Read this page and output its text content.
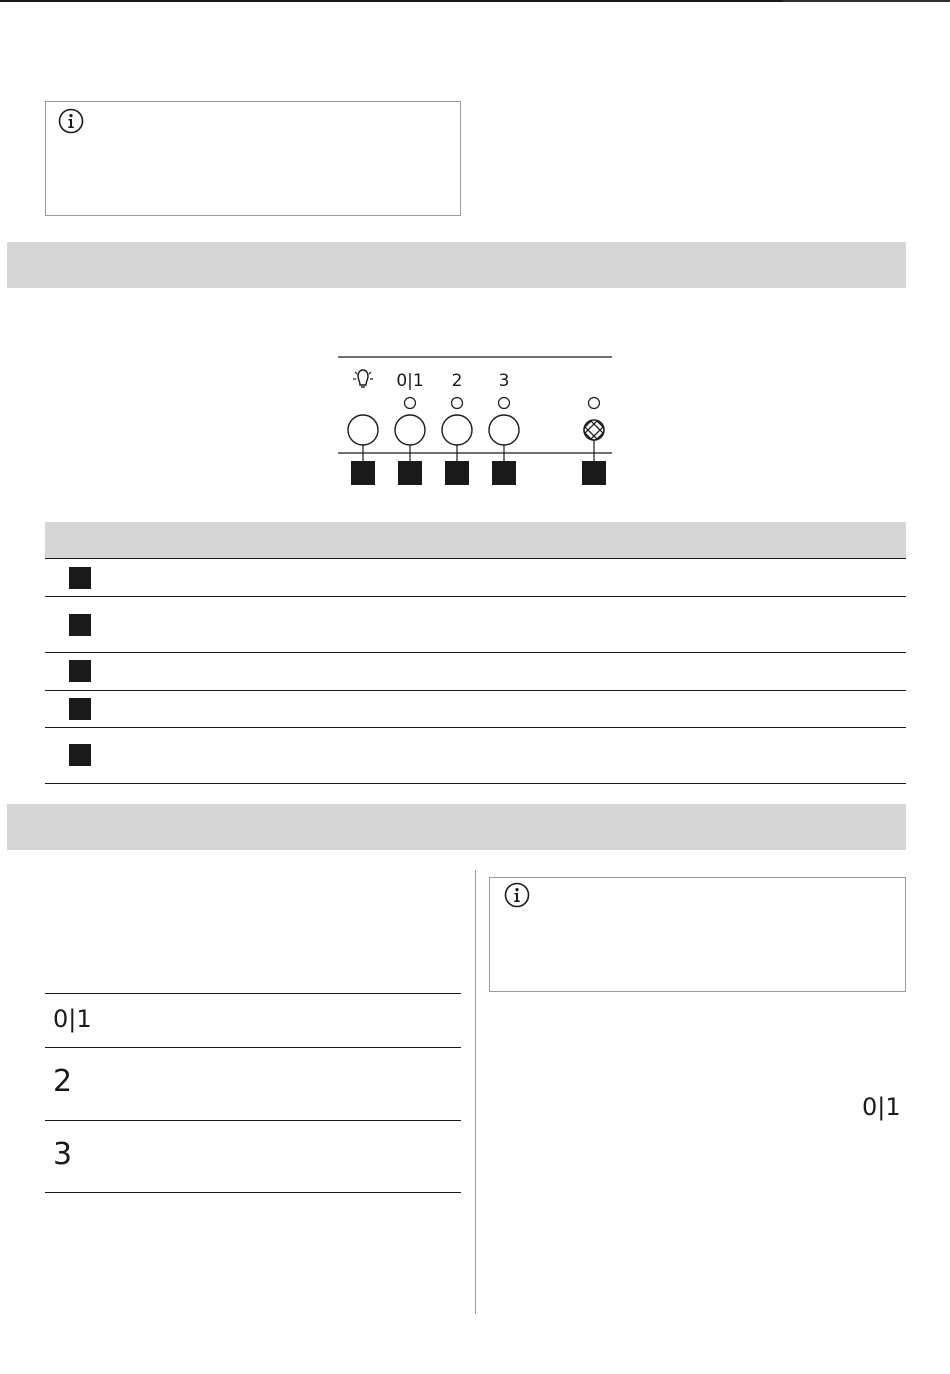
0|1 2 3
0|1
2
3
0|1
